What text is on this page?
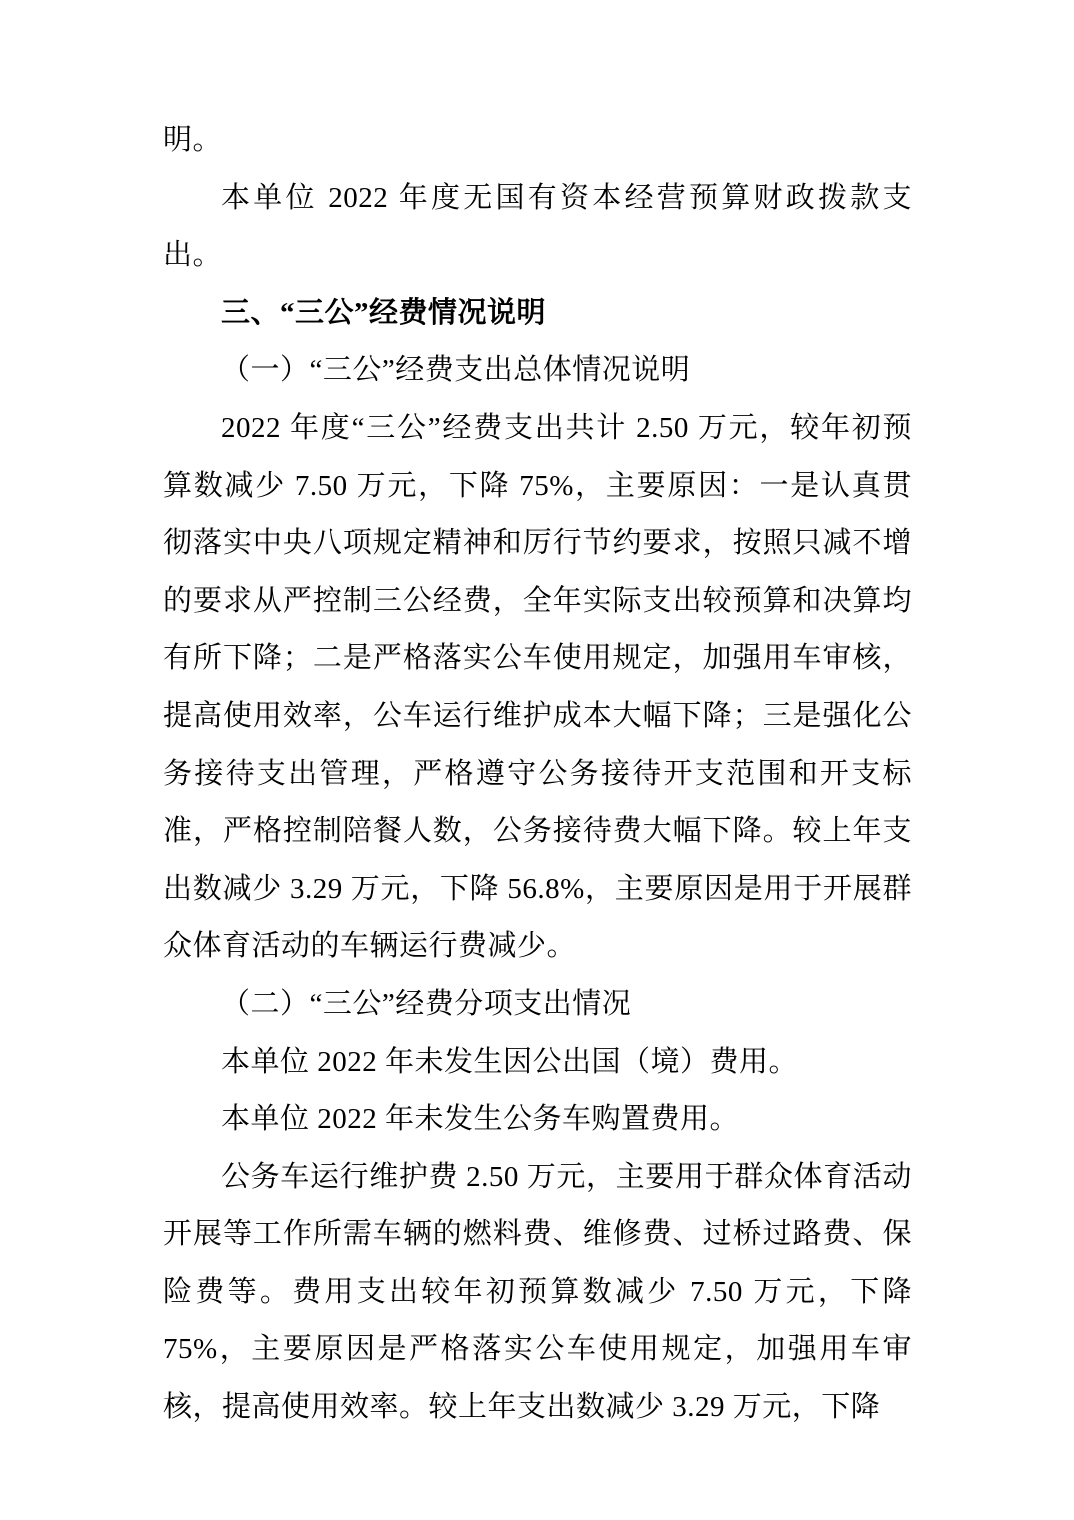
明。

本单位 2022 年度无国有资本经营预算财政拨款支出。

三、“三公”经费情况说明

（一）“三公”经费支出总体情况说明

2022 年度“三公”经费支出共计 2.50 万元，较年初预算数减少 7.50 万元，下降 75%，主要原因：一是认真贯彻落实中央八项规定精神和厉行节约要求，按照只减不增的要求从严控制三公经费，全年实际支出较预算和决算均有所下降；二是严格落实公车使用规定，加强用车审核，提高使用效率，公车运行维护成本大幅下降；三是强化公务接待支出管理，严格遵守公务接待开支范围和开支标准，严格控制陪餐人数，公务接待费大幅下降。较上年支出数减少 3.29 万元，下降 56.8%，主要原因是用于开展群众体育活动的车辆运行费减少。

（二）“三公”经费分项支出情况

本单位 2022 年未发生因公出国（境）费用。

本单位 2022 年未发生公务车购置费用。

公务车运行维护费 2.50 万元，主要用于群众体育活动开展等工作所需车辆的燃料费、维修费、过桥过路费、保险费等。费用支出较年初预算数减少 7.50 万元，下降 75%，主要原因是严格落实公车使用规定，加强用车审核，提高使用效率。较上年支出数减少 3.29 万元，下降
